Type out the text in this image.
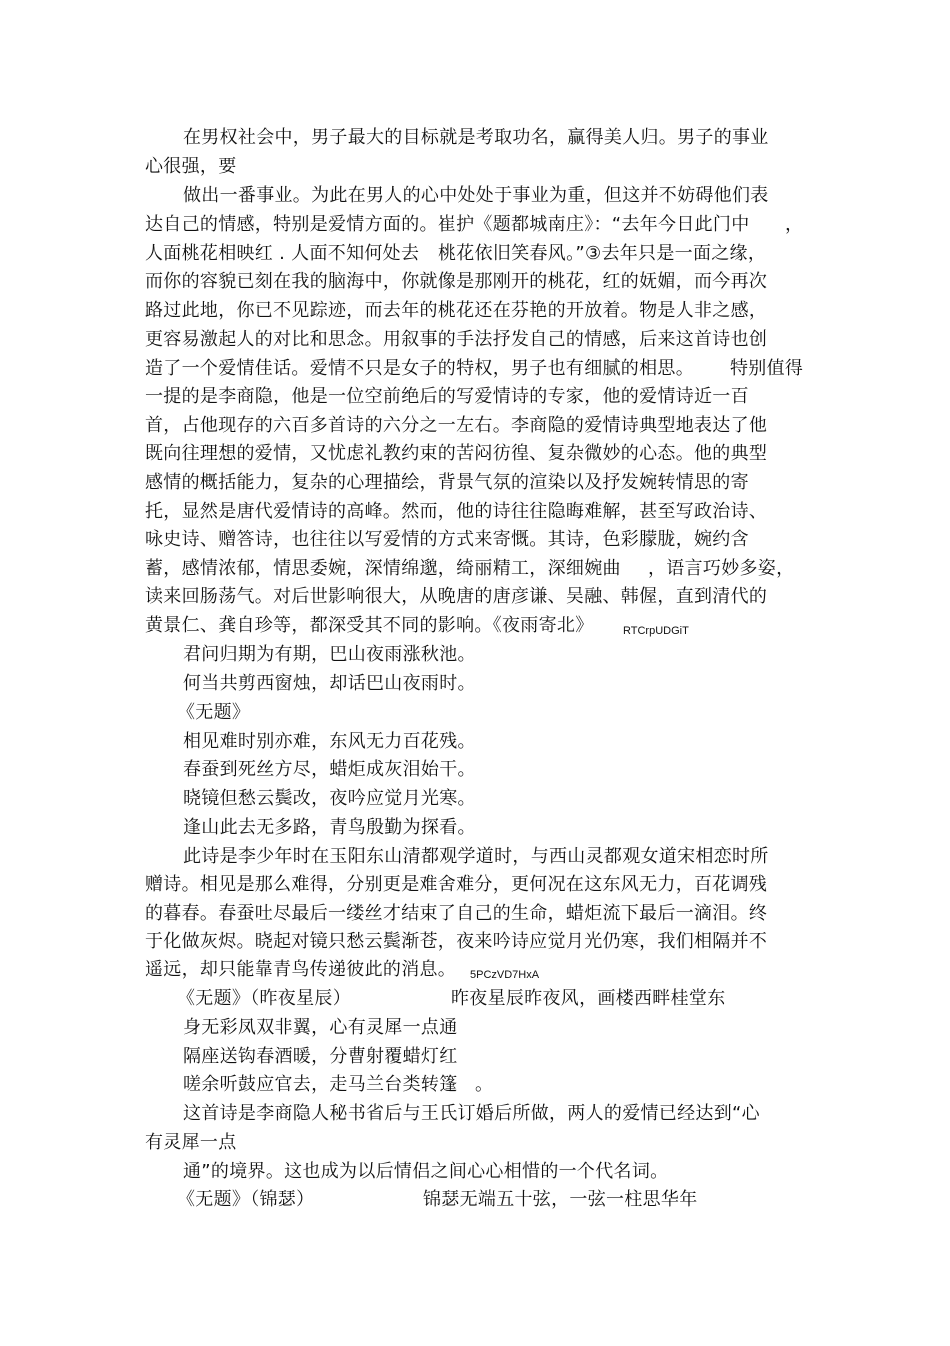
在男权社会中，男子最大的目标就是考取功名，赢得美人归。男子的事业
心很强，要
做出一番事业。为此在男人的心中处处于事业为重，但这并不妨碍他们表
达自己的情感，特别是爱情方面的。崔护《题都城南庄》：“去年今日此门中 ，
人面桃花相映红 . 人面不知何处去 桃花依旧笑春风。”③去年只是一面之缘，
而你的容貌已刻在我的脑海中，你就像是那刚开的桃花，红的妩媚，而今再次
路过此地，你已不见踪迹，而去年的桃花还在芬艳的开放着。物是人非之感，
更容易激起人的对比和思念。用叙事的手法抒发自己的情感，后来这首诗也创
造了一个爱情佳话。爱情不只是女子的特权，男子也有细腻的相思。 特别值得
一提的是李商隐，他是一位空前绝后的写爱情诗的专家，他的爱情诗近一百
首，占他现存的六百多首诗的六分之一左右。李商隐的爱情诗典型地表达了他
既向往理想的爱情，又忧虑礼教约束的苦闷彷徨、复杂微妙的心态。他的典型
感情的概括能力，复杂的心理描绘，背景气氛的渲染以及抒发婉转情思的寄
托，显然是唐代爱情诗的高峰。然而，他的诗往往隐晦难解，甚至写政治诗、
咏史诗、赠答诗，也往往以写爱情的方式来寄慨。其诗，色彩朦胧，婉约含
蓄，感情浓郁，情思委婉，深情绵邈，绮丽精工，深细婉曲 ，语言巧妙多姿，
读来回肠荡气。对后世影响很大，从晚唐的唐彦谦、吴融、韩偓，直到清代的
黄景仁、龚自珍等，都深受其不同的影响。《夜雨寄北》	RTCrpUDGiT
君问归期为有期，巴山夜雨涨秋池。
何当共剪西窗烛，却话巴山夜雨时。
《无题》
相见难时别亦难，东风无力百花残。
春蚕到死丝方尽，蜡炬成灰泪始干。
晓镜但愁云鬓改，夜吟应觉月光寒。
逢山此去无多路，青鸟殷勤为探看。
此诗是李少年时在玉阳东山清都观学道时，与西山灵都观女道宋相恋时所
赠诗。相见是那么难得，分别更是难舍难分，更何况在这东风无力，百花调残
的暮春。春蚕吐尽最后一缕丝才结束了自己的生命，蜡炬流下最后一滴泪。终
于化做灰烬。晓起对镜只愁云鬓渐苍，夜来吟诗应觉月光仍寒，我们相隔并不
遥远，却只能靠青鸟传递彼此的消息。 5PCzVD7HxA
《无题》（昨夜星辰）	昨夜星辰昨夜风，画楼西畔桂堂东
身无彩凤双非翼，心有灵犀一点通
隔座送钩春酒暖，分曹射覆蜡灯红
嗟余听鼓应官去，走马兰台类转篷 。
这首诗是李商隐人秘书省后与王氏订婚后所做，两人的爱情已经达到“心
有灵犀一点
通”的境界。这也成为以后情侣之间心心相惜的一个代名词。
《无题》（锦瑟）	锦瑟无端五十弦，一弦一柱思华年
